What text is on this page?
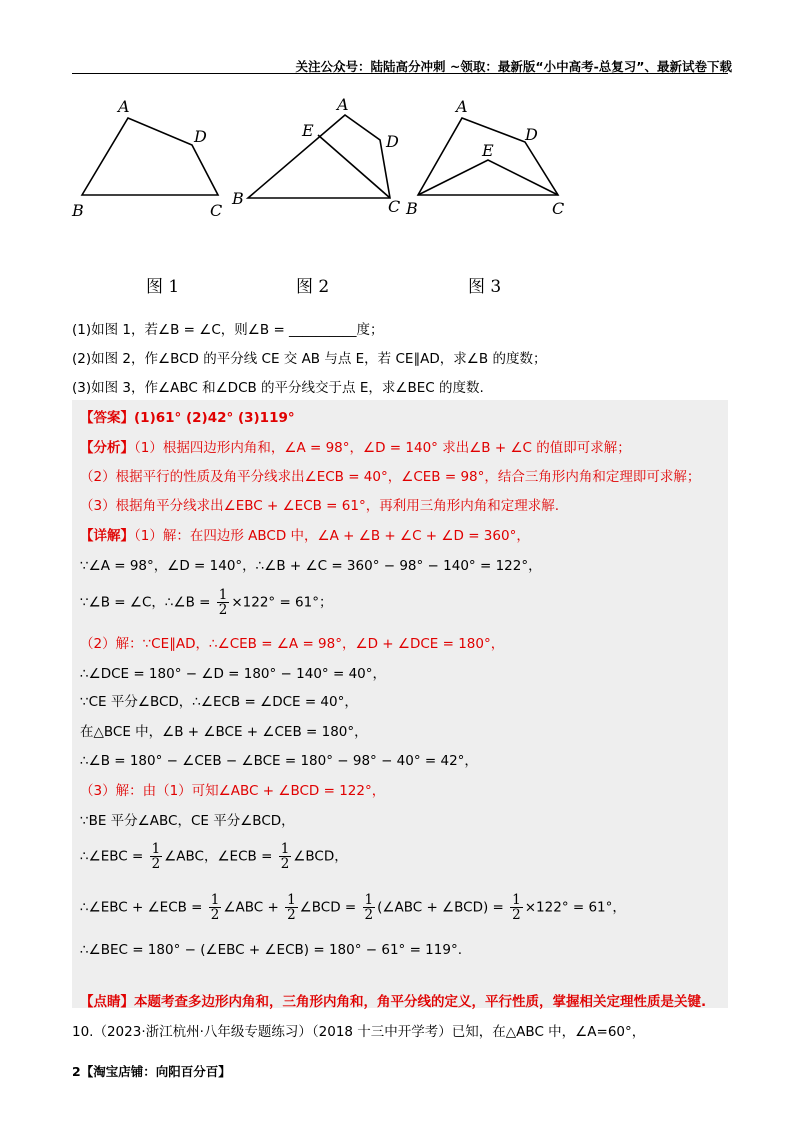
关注公众号：陆陆高分冲刺 ~领取：最新版“小中高考-总复习”、最新试卷下载
A
D
B	C
A
E
D
B	C
A
D
E
B	C
图 1	图 2	图 3
(1)如图 1，若∠B = ∠C，则∠B = __________度；
(2)如图 2，作∠BCD 的平分线 CE 交 AB 与点 E，若 CE∥AD，求∠B 的度数；
(3)如图 3，作∠ABC 和∠DCB 的平分线交于点 E，求∠BEC 的度数.
【答案】(1)61° (2)42° (3)119°
【分析】（1）根据四边形内角和，∠A = 98°，∠D = 140° 求出∠B + ∠C 的值即可求解；
（2）根据平行的性质及角平分线求出∠ECB = 40°，∠CEB = 98°，结合三角形内角和定理即可求解；
（3）根据角平分线求出∠EBC + ∠ECB = 61°，再利用三角形内角和定理求解.
【详解】（1）解：在四边形 ABCD 中，∠A + ∠B + ∠C + ∠D = 360°，
∵∠A = 98°，∠D = 140°，∴∠B + ∠C = 360° − 98° − 140° = 122°，
∵∠B = ∠C，∴∠B = $\frac{1}{2} \times 122^\circ = 61^\circ$；
（2）解：∵CE∥AD，∴∠CEB = ∠A = 98°，∠D + ∠DCE = 180°，
∴∠DCE = 180° − ∠D = 180° − 140° = 40°，
∵CE 平分∠BCD，∴∠ECB = ∠DCE = 40°，
在△BCE 中，∠B + ∠BCE + ∠CEB = 180°，
∴∠B = 180° − ∠CEB − ∠BCE = 180° − 98° − 40° = 42°，
（3）解：由（1）可知∠ABC + ∠BCD = 122°，
∵BE 平分∠ABC，CE 平分∠BCD，
∴∠EBC = $\frac{1}{2}$ ∠ABC，∠ECB = $\frac{1}{2}$ ∠BCD，
∴∠EBC + ∠ECB = $\frac{1}{2}$ ∠ABC + $\frac{1}{2}$ ∠BCD = $\frac{1}{2}$ (∠ABC + ∠BCD) = $\frac{1}{2} \times 122^\circ = 61^\circ$，
∴∠BEC = 180° − (∠EBC + ∠ECB) = 180° − 61° = 119°.
【点睛】本题考查多边形内角和，三角形内角和，角平分线的定义，平行性质，掌握相关定理性质是关键.
10.（2023·浙江杭州·八年级专题练习）（2018 十三中开学考）已知，在△ABC 中，∠A=60°，
2【淘宝店铺：向阳百分百】
